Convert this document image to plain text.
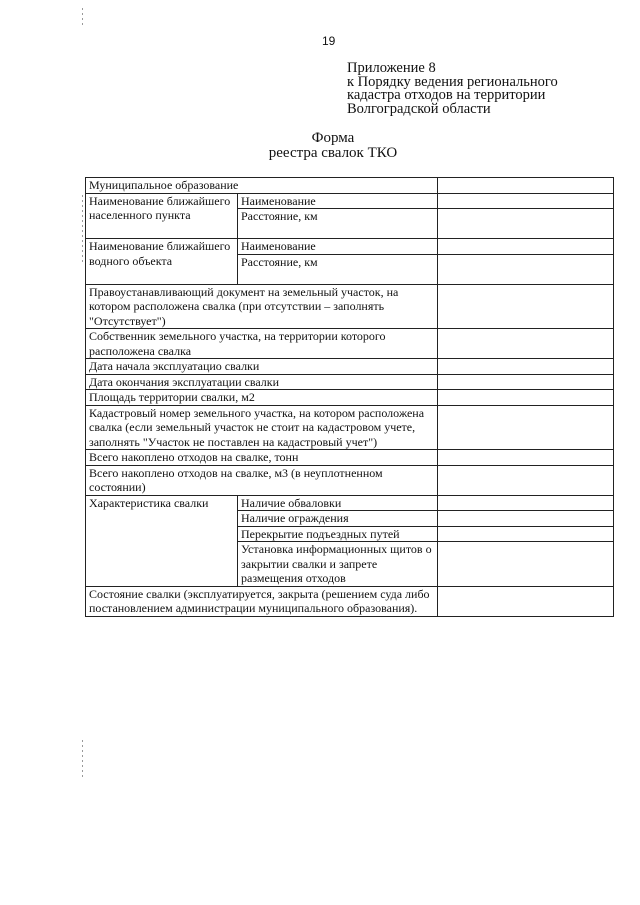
19
Приложение 8
к Порядку ведения регионального
кадастра отходов на территории
Волгоградской области
Форма
реестра свалок ТКО
Муниципальное образование		
Наименование ближайшего населенного пункта	Наименование	
	Расстояние, км	
Наименование ближайшего водного объекта	Наименование	
	Расстояние, км	
Правоустанавливающий документ на земельный участок, на котором расположена свалка (при отсутствии – заполнять "Отсутствует")		
Собственник земельного участка, на территории которого расположена свалка		
Дата начала эксплуатацио свалки		
Дата окончания эксплуатации свалки		
Площадь территории свалки, м2		
Кадастровый номер земельного участка, на котором расположена свалка (если земельный участок не стоит на кадастровом учете, заполнять "Участок не поставлен на кадастровый учет")		
Всего накоплено отходов на свалке, тонн		
Всего накоплено отходов на свалке, м3 (в неуплотненном состоянии)		
Характеристика свалки	Наличие обваловки	
	Наличие ограждения	
	Перекрытие подъездных путей	
	Установка информационных щитов о закрытии свалки и запрете размещения отходов	
Состояние свалки (эксплуатируется, закрыта (решением суда либо постановлением администрации муниципального образования).		
